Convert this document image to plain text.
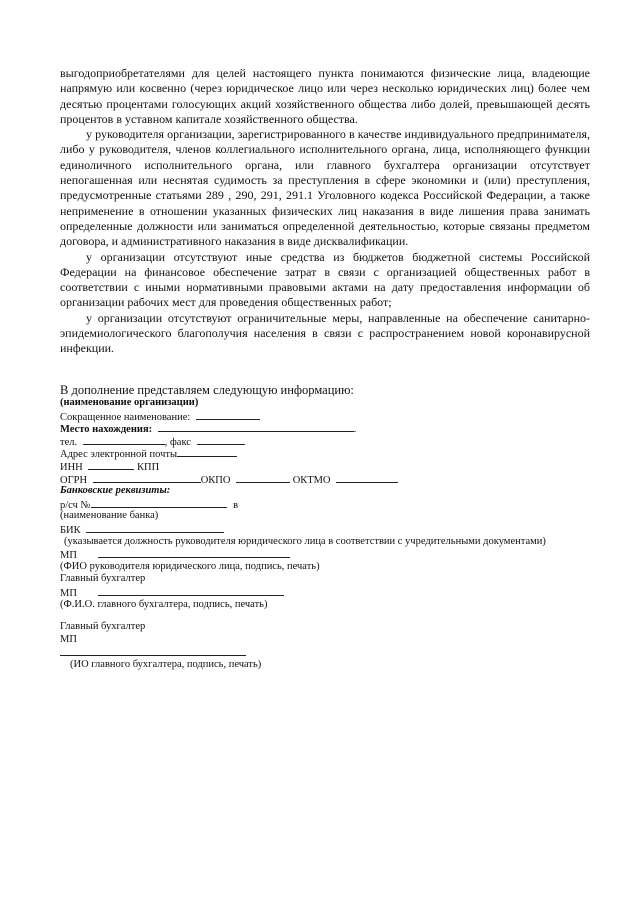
выгодоприобретателями для целей настоящего пункта понимаются физические лица, владеющие напрямую или косвенно (через юридическое лицо или через несколько юридических лиц) более чем десятью процентами голосующих акций хозяйственного общества либо долей, превышающей десять процентов в уставном капитале хозяйственного общества.

у руководителя организации, зарегистрированного в качестве индивидуального предпринимателя, либо у руководителя, членов коллегиального исполнительного органа, лица, исполняющего функции единоличного исполнительного органа, или главного бухгалтера организации отсутствует непогашенная или неснятая судимость за преступления в сфере экономики и (или) преступления, предусмотренные статьями 289 , 290, 291, 291.1 Уголовного кодекса Российской Федерации, а также неприменение в отношении указанных физических лиц наказания в виде лишения права занимать определенные должности или заниматься определенной деятельностью, которые связаны предметом договора, и административного наказания в виде дисквалификации.

у организации отсутствуют иные средства из бюджетов бюджетной системы Российской Федерации на финансовое обеспечение затрат в связи с организацией общественных работ в соответствии с иными нормативными правовыми актами на дату предоставления информации об организации рабочих мест для проведения общественных работ;

у организации отсутствуют ограничительные меры, направленные на обеспечение санитарно-эпидемиологического благополучия населения в связи с распространением новой коронавирусной инфекции.

В дополнение представляем следующую информацию:
(наименование организации)
Сокращенное наименование:
Место нахождения:	.
тел.	, факс
Адрес электронной почты
ИНН	КПП
ОГРН	ОКПО	ОКТМО
Банковские реквизиты:
р/сч №	в
(наименование банка)
БИК
(указывается должность руководителя юридического лица в соответствии с учредительными документами)
МП
(ФИО руководителя юридического лица, подпись, печать)
Главный бухгалтер
МП
(Ф.И.О. главного бухгалтера, подпись, печать)
Главный бухгалтер
МП
(ИО главного бухгалтера, подпись, печать)
